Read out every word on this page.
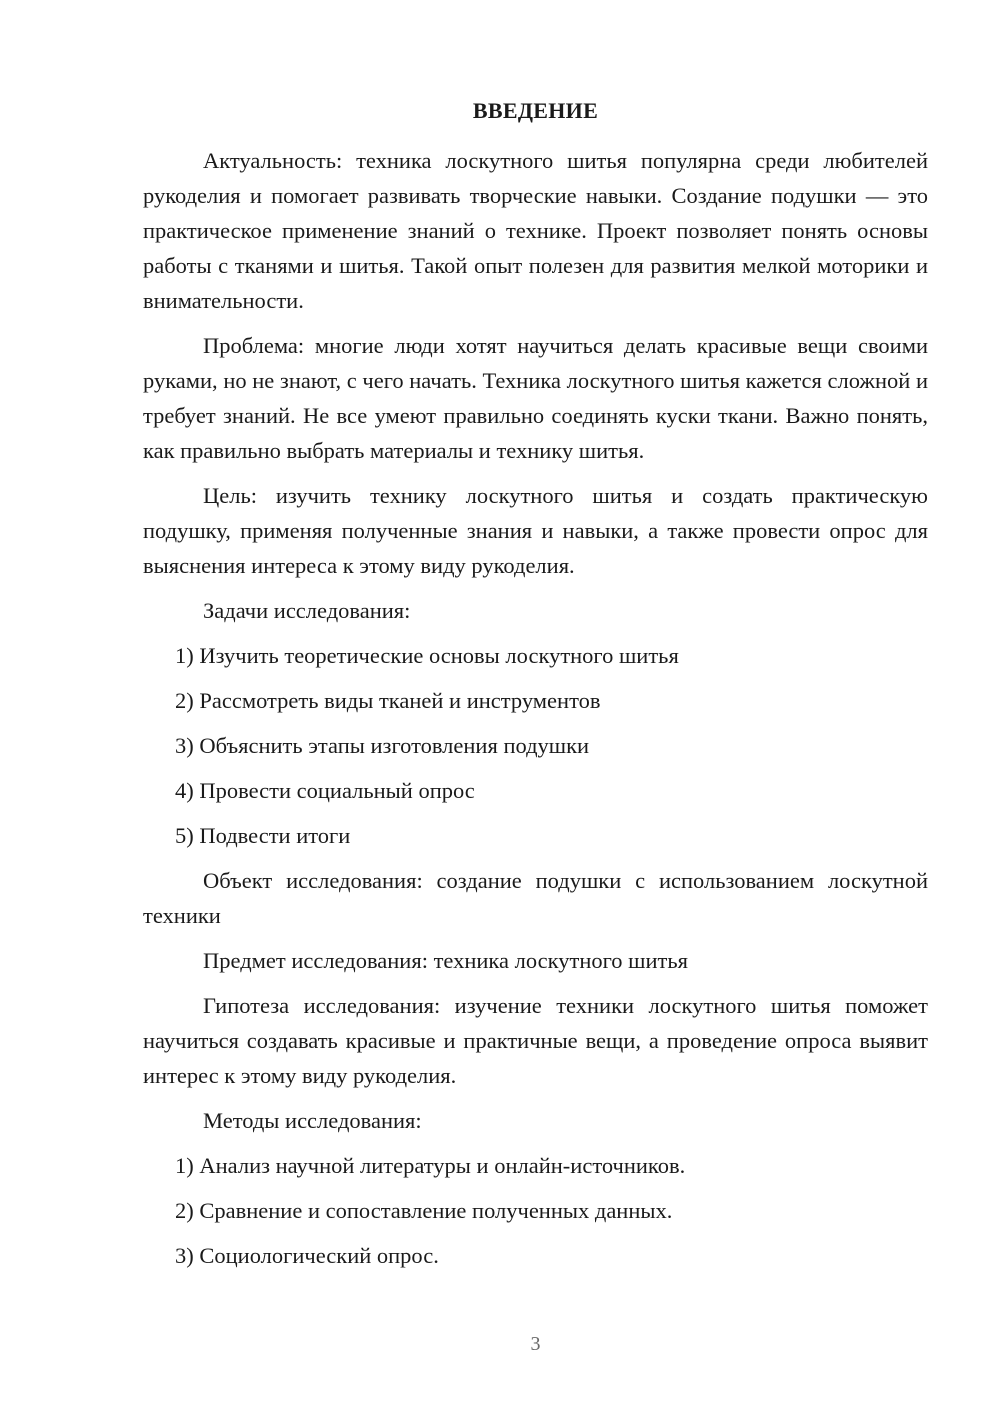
ВВЕДЕНИЕ

Актуальность: техника лоскутного шитья популярна среди любителей рукоделия и помогает развивать творческие навыки. Создание подушки — это практическое применение знаний о технике. Проект позволяет понять основы работы с тканями и шитья. Такой опыт полезен для развития мелкой моторики и внимательности.

Проблема: многие люди хотят научиться делать красивые вещи своими руками, но не знают, с чего начать. Техника лоскутного шитья кажется сложной и требует знаний. Не все умеют правильно соединять куски ткани. Важно понять, как правильно выбрать материалы и технику шитья.

Цель: изучить технику лоскутного шитья и создать практическую подушку, применяя полученные знания и навыки, а также провести опрос для выяснения интереса к этому виду рукоделия.

Задачи исследования:

1) Изучить теоретические основы лоскутного шитья

2) Рассмотреть виды тканей и инструментов

3) Объяснить этапы изготовления подушки

4) Провести социальный опрос

5) Подвести итоги

Объект исследования: создание подушки с использованием лоскутной техники

Предмет исследования: техника лоскутного шитья

Гипотеза исследования: изучение техники лоскутного шитья поможет научиться создавать красивые и практичные вещи, а проведение опроса выявит интерес к этому виду рукоделия.

Методы исследования:

1) Анализ научной литературы и онлайн-источников.

2) Сравнение и сопоставление полученных данных.

3) Социологический опрос.

3
